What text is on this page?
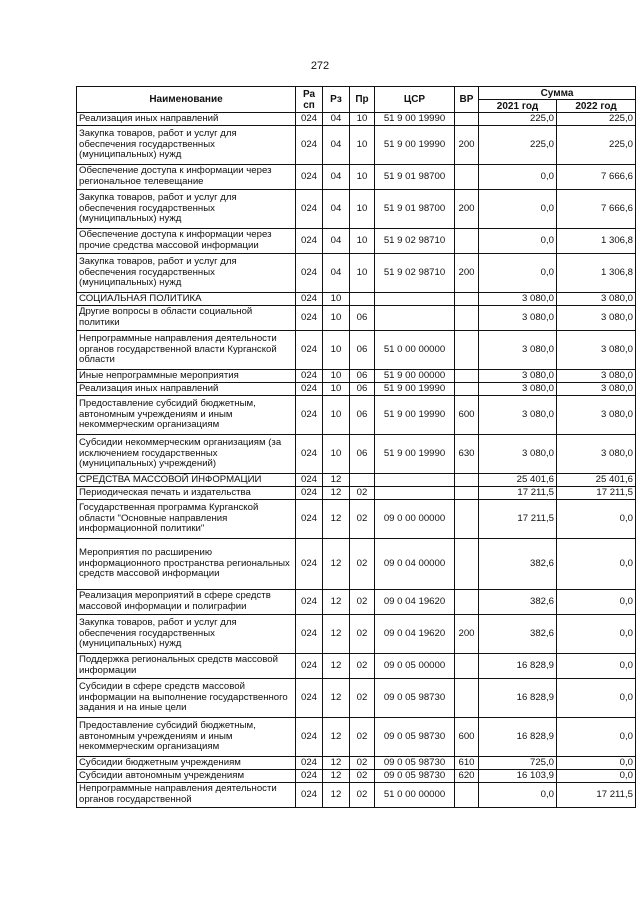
272
Наименование	Ра сп	Рз	Пр	ЦСР	ВР	Сумма	
						2021 год	2022 год
Реализация иных направлений	024	04	10	51 9 00 19990		225,0	225,0
Закупка товаров, работ и услуг для обеспечения государственных (муниципальных) нужд	024	04	10	51 9 00 19990	200	225,0	225,0
Обеспечение доступа к информации через региональное телевещание	024	04	10	51 9 01 98700		0,0	7 666,6
Закупка товаров, работ и услуг для обеспечения государственных (муниципальных) нужд	024	04	10	51 9 01 98700	200	0,0	7 666,6
Обеспечение доступа к информации через прочие средства массовой информации	024	04	10	51 9 02 98710		0,0	1 306,8
Закупка товаров, работ и услуг для обеспечения государственных (муниципальных) нужд	024	04	10	51 9 02 98710	200	0,0	1 306,8
СОЦИАЛЬНАЯ ПОЛИТИКА	024	10				3 080,0	3 080,0
Другие вопросы в области социальной политики	024	10	06			3 080,0	3 080,0
Непрограммные направления деятельности органов государственной власти Курганской области	024	10	06	51 0 00 00000		3 080,0	3 080,0
Иные непрограммные мероприятия	024	10	06	51 9 00 00000		3 080,0	3 080,0
Реализация иных направлений	024	10	06	51 9 00 19990		3 080,0	3 080,0
Предоставление субсидий бюджетным, автономным учреждениям и иным некоммерческим организациям	024	10	06	51 9 00 19990	600	3 080,0	3 080,0
Субсидии некоммерческим организациям (за исключением государственных (муниципальных) учреждений)	024	10	06	51 9 00 19990	630	3 080,0	3 080,0
СРЕДСТВА МАССОВОЙ ИНФОРМАЦИИ	024	12				25 401,6	25 401,6
Периодическая печать и издательства	024	12	02			17 211,5	17 211,5
Государственная программа Курганской области "Основные направления информационной политики"	024	12	02	09 0 00 00000		17 211,5	0,0
Мероприятия по расширению информационного пространства региональных средств массовой информации	024	12	02	09 0 04 00000		382,6	0,0
Реализация мероприятий в сфере средств массовой информации и полиграфии	024	12	02	09 0 04 19620		382,6	0,0
Закупка товаров, работ и услуг для обеспечения государственных (муниципальных) нужд	024	12	02	09 0 04 19620	200	382,6	0,0
Поддержка региональных средств массовой информации	024	12	02	09 0 05 00000		16 828,9	0,0
Субсидии в сфере средств массовой информации на выполнение государственного задания и на иные цели	024	12	02	09 0 05 98730		16 828,9	0,0
Предоставление субсидий бюджетным, автономным учреждениям и иным некоммерческим организациям	024	12	02	09 0 05 98730	600	16 828,9	0,0
Субсидии бюджетным учреждениям	024	12	02	09 0 05 98730	610	725,0	0,0
Субсидии автономным учреждениям	024	12	02	09 0 05 98730	620	16 103,9	0,0
Непрограммные направления деятельности органов государственной	024	12	02	51 0 00 00000		0,0	17 211,5
